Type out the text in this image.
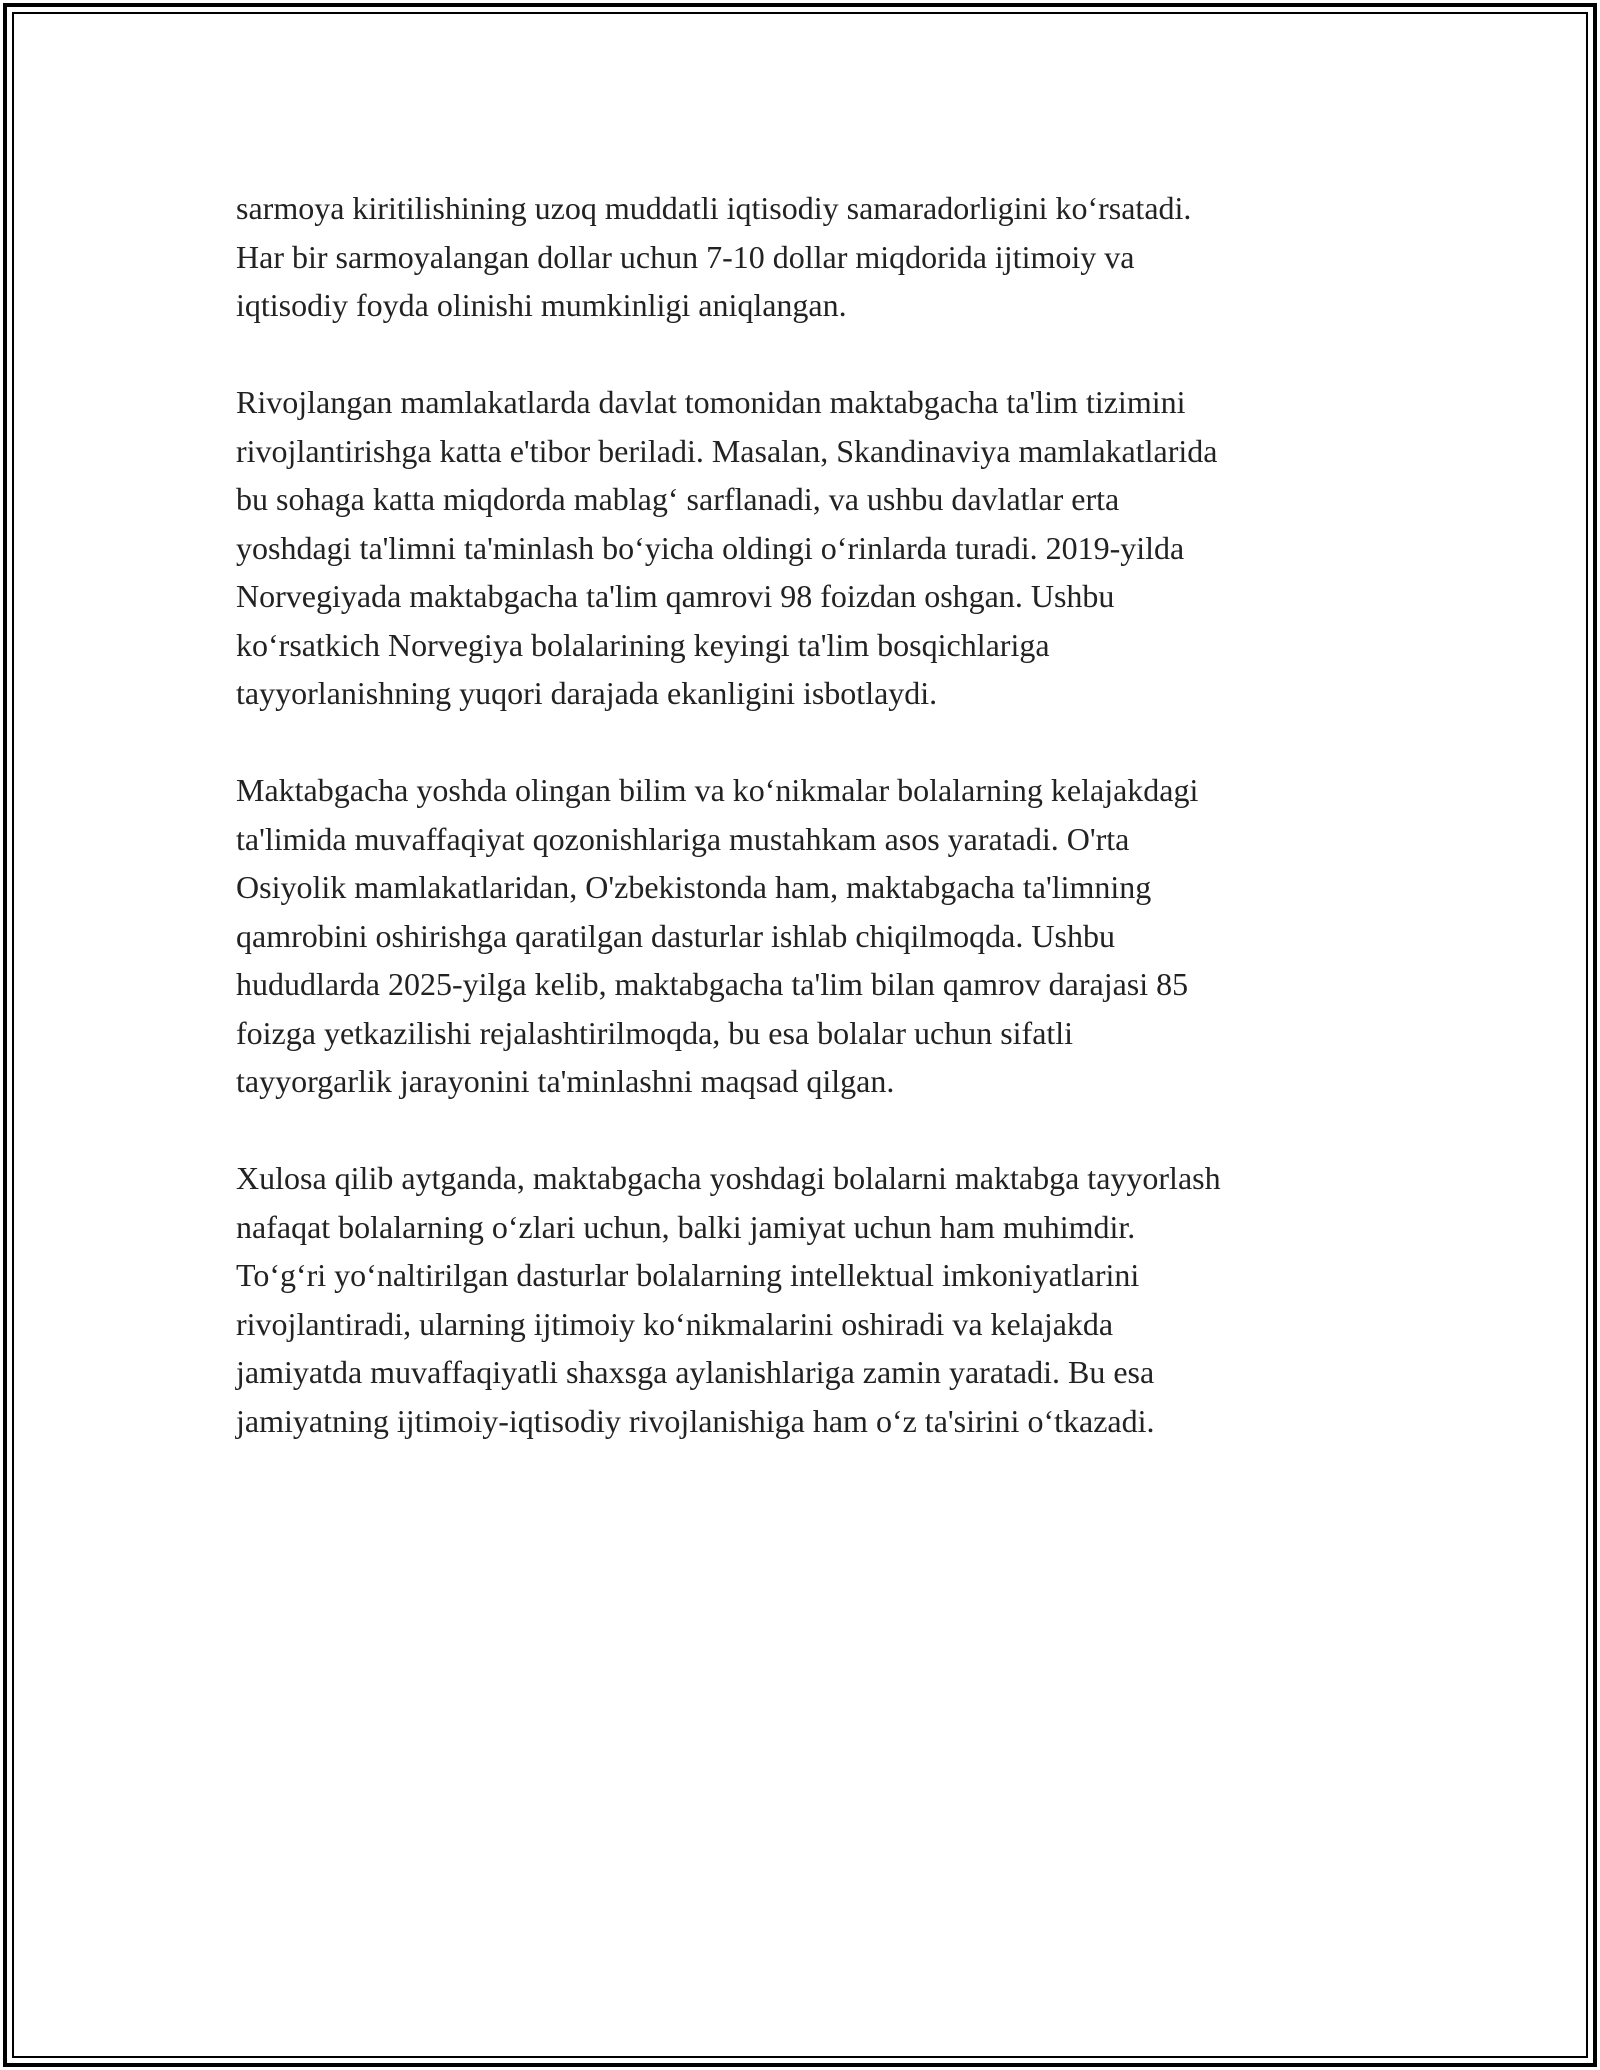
sarmoya kiritilishining uzoq muddatli iqtisodiy samaradorligini ko‘rsatadi.
Har bir sarmoyalangan dollar uchun 7-10 dollar miqdorida ijtimoiy va
iqtisodiy foyda olinishi mumkinligi aniqlangan.

Rivojlangan mamlakatlarda davlat tomonidan maktabgacha ta'lim tizimini
rivojlantirishga katta e'tibor beriladi. Masalan, Skandinaviya mamlakatlarida
bu sohaga katta miqdorda mablag‘ sarflanadi, va ushbu davlatlar erta
yoshdagi ta'limni ta'minlash bo‘yicha oldingi o‘rinlarda turadi. 2019-yilda
Norvegiyada maktabgacha ta'lim qamrovi 98 foizdan oshgan. Ushbu
ko‘rsatkich Norvegiya bolalarining keyingi ta'lim bosqichlariga
tayyorlanishning yuqori darajada ekanligini isbotlaydi.

Maktabgacha yoshda olingan bilim va ko‘nikmalar bolalarning kelajakdagi
ta'limida muvaffaqiyat qozonishlariga mustahkam asos yaratadi. O'rta
Osiyolik mamlakatlaridan, O'zbekistonda ham, maktabgacha ta'limning
qamrobini oshirishga qaratilgan dasturlar ishlab chiqilmoqda. Ushbu
hududlarda 2025-yilga kelib, maktabgacha ta'lim bilan qamrov darajasi 85
foizga yetkazilishi rejalashtirilmoqda, bu esa bolalar uchun sifatli
tayyorgarlik jarayonini ta'minlashni maqsad qilgan.

Xulosa qilib aytganda, maktabgacha yoshdagi bolalarni maktabga tayyorlash
nafaqat bolalarning o‘zlari uchun, balki jamiyat uchun ham muhimdir.
To‘g‘ri yo‘naltirilgan dasturlar bolalarning intellektual imkoniyatlarini
rivojlantiradi, ularning ijtimoiy ko‘nikmalarini oshiradi va kelajakda
jamiyatda muvaffaqiyatli shaxsga aylanishlariga zamin yaratadi. Bu esa
jamiyatning ijtimoiy-iqtisodiy rivojlanishiga ham o‘z ta'sirini o‘tkazadi.
